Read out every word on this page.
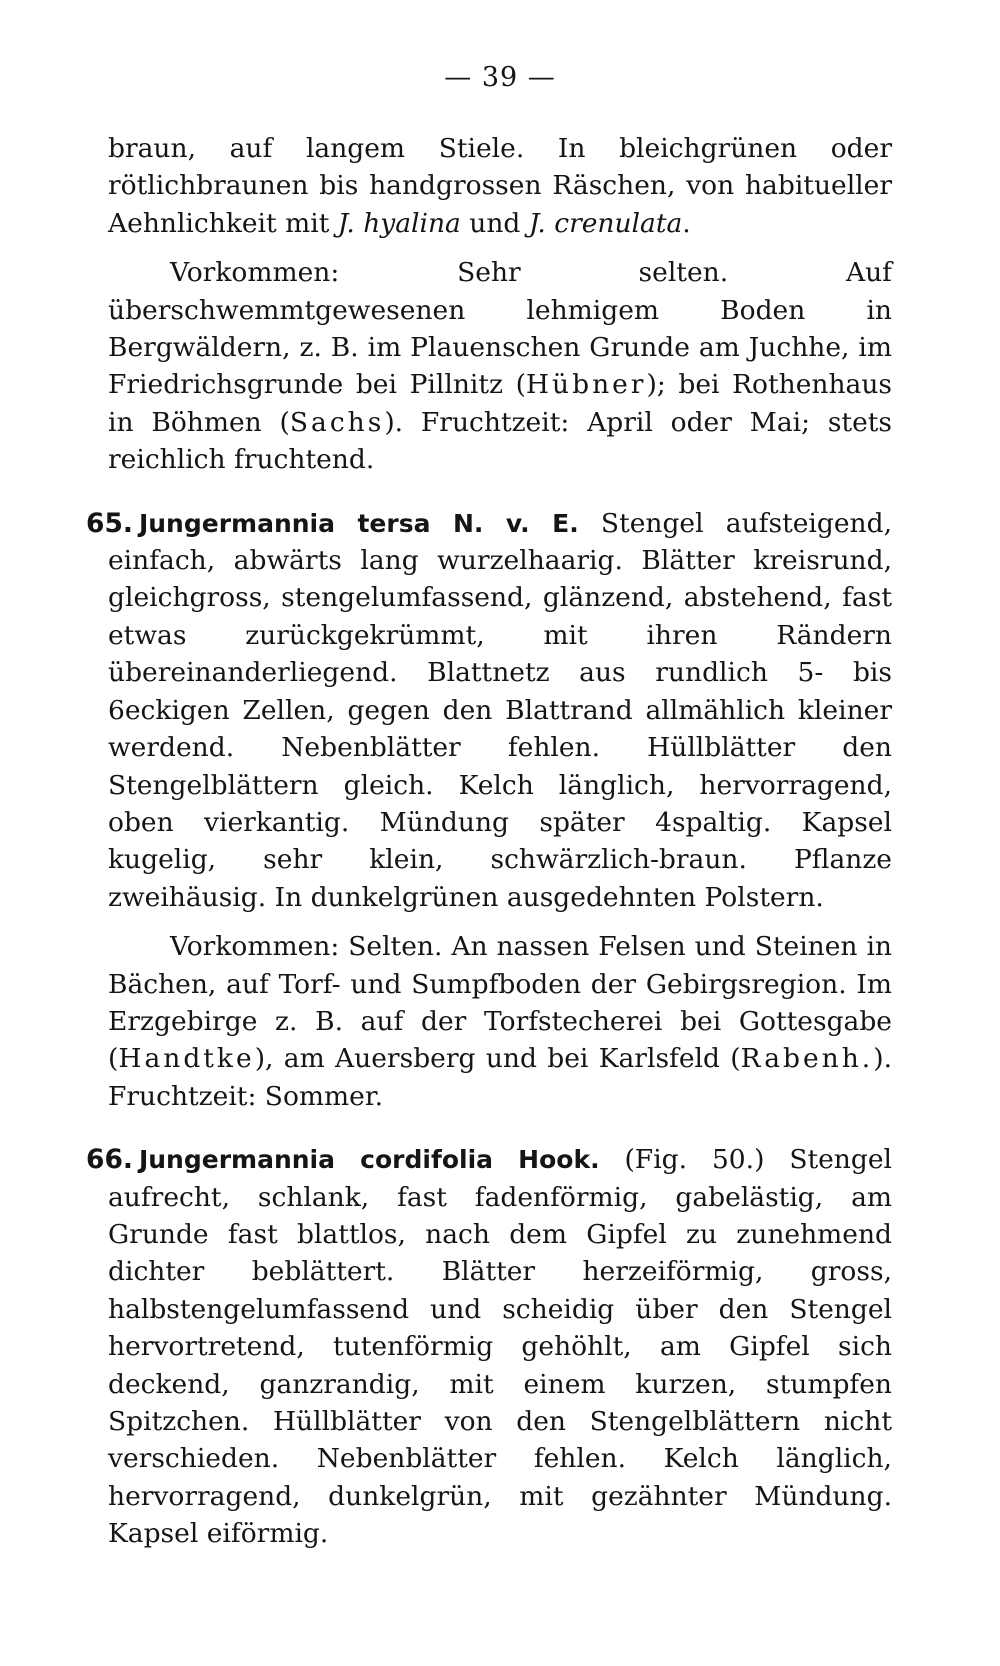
— 39 —

braun, auf langem Stiele. In bleichgrünen oder rötlichbraunen bis handgrossen Räschen, von habitueller Aehnlichkeit mit J. hyalina und J. crenulata.

Vorkommen: Sehr selten. Auf überschwemmtgewesenen lehmigem Boden in Bergwäldern, z. B. im Plauenschen Grunde am Juchhe, im Friedrichsgrunde bei Pillnitz (Hübner); bei Rothenhaus in Böhmen (Sachs). Fruchtzeit: April oder Mai; stets reichlich fruchtend.

65. Jungermannia tersa N. v. E. Stengel aufsteigend, einfach, abwärts lang wurzelhaarig. Blätter kreisrund, gleichgross, stengelumfassend, glänzend, abstehend, fast etwas zurückgekrümmt, mit ihren Rändern übereinanderliegend. Blattnetz aus rundlich 5- bis 6eckigen Zellen, gegen den Blattrand allmählich kleiner werdend. Nebenblätter fehlen. Hüllblätter den Stengelblättern gleich. Kelch länglich, hervorragend, oben vierkantig. Mündung später 4spaltig. Kapsel kugelig, sehr klein, schwärzlich-braun. Pflanze zweihäusig. In dunkelgrünen ausgedehnten Polstern.

Vorkommen: Selten. An nassen Felsen und Steinen in Bächen, auf Torf- und Sumpfboden der Gebirgsregion. Im Erzgebirge z. B. auf der Torfstecherei bei Gottesgabe (Handtke), am Auersberg und bei Karlsfeld (Rabenh.). Fruchtzeit: Sommer.

66. Jungermannia cordifolia Hook. (Fig. 50.) Stengel aufrecht, schlank, fast fadenförmig, gabelästig, am Grunde fast blattlos, nach dem Gipfel zu zunehmend dichter beblättert. Blätter herzeiförmig, gross, halbstengelumfassend und scheidig über den Stengel hervortretend, tutenförmig gehöhlt, am Gipfel sich deckend, ganzrandig, mit einem kurzen, stumpfen Spitzchen. Hüllblätter von den Stengelblättern nicht verschieden. Nebenblätter fehlen. Kelch länglich, hervorragend, dunkelgrün, mit gezähnter Mündung. Kapsel eiförmig.
